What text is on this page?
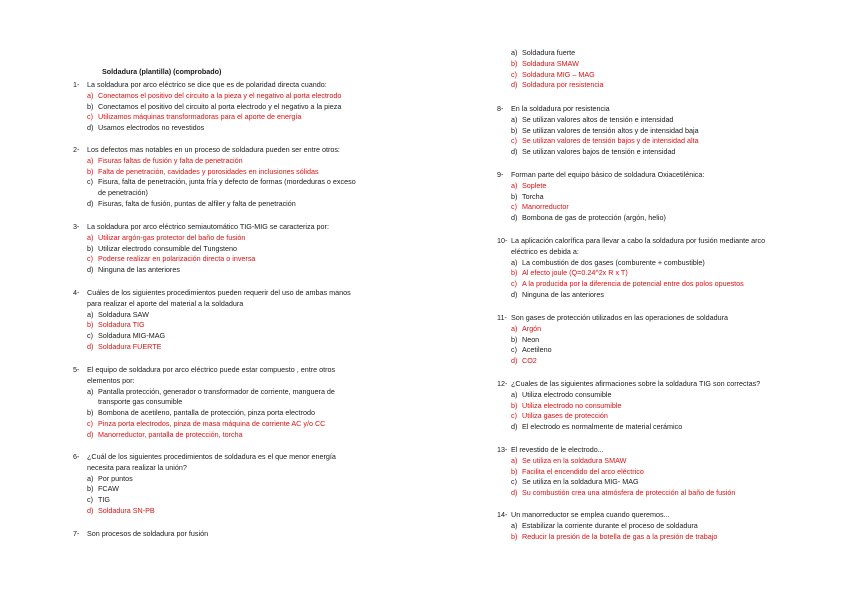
Soldadura (plantilla) (comprobado)
1- La soldadura por arco eléctrico se dice que es de polaridad directa cuando:
a) Conectamos el positivo del circuito a la pieza y el negativo al porta electrodo
b) Conectamos el positivo del circuito al porta electrodo y el negativo a la pieza
c) Utilizamos máquinas transformadoras para el aporte de energía
d) Usamos electrodos no revestidos
2- Los defectos mas notables en un proceso de soldadura pueden ser entre otros:
a) Fisuras faltas de fusión y falta de penetración
b) Falta de penetración, cavidades y porosidades en inclusiones sólidas
c) Fisura, falta de penetración, junta fría y defecto de formas (mordeduras o exceso de penetración)
d) Fisuras, falta de fusión, puntas de alfiler y falta de penetración
3- La soldadura por arco eléctrico semiautomático TIG-MIG se caracteriza por:
a) Utilizar argón-gas protector del baño de fusión
b) Utilizar electrodo consumible del Tungsteno
c) Poderse realizar en polarización directa o inversa
d) Ninguna de las anteriores
4- Cuáles de los siguientes procedimientos pueden requerir del uso de ambas manos para realizar el aporte del material a la soldadura
a) Soldadura SAW
b) Soldadura TIG
c) Soldadura MIG-MAG
d) Soldadura FUERTE
5- El equipo de soldadura por arco eléctrico puede estar compuesto , entre otros elementos por:
a) Pantalla protección, generador o transformador de corriente, manguera de transporte gas consumible
b) Bombona de acetileno, pantalla de protección, pinza porta electrodo
c) Pinza porta electrodos, pinza de masa máquina de corriente AC y/o CC
d) Manorreductor, pantalla de protección, torcha
6- ¿Cuál de los siguientes procedimientos de soldadura es el que menor energía necesita para realizar la unión?
a) Por puntos
b) FCAW
c) TIG
d) Soldadura SN-PB
7- Son procesos de soldadura por fusión
a) Soldadura fuerte
b) Soldadura SMAW
c) Soldadura MIG – MAG
d) Soldadura por resistencia
8- En la soldadura por resistencia
a) Se utilizan valores altos de tensión e intensidad
b) Se utilizan valores de tensión altos y de intensidad baja
c) Se utilizan valores de tensión bajos y de intensidad alta
d) Se utilizan valores bajos de tensión e intensidad
9- Forman parte del equipo básico de soldadura Oxiacetilénica:
a) Soplete
b) Torcha
c) Manorreductor
d) Bombona de gas de protección (argón, helio)
10- La aplicación calorífica para llevar a cabo la soldadura por fusión mediante arco eléctrico es debida a:
a) La combustión de dos gases (comburente + combustible)
b) Al efecto joule (Q=0.24^2x R x T)
c) A la producida por la diferencia de potencial entre dos polos opuestos
d) Ninguna de las anteriores
11- Son gases de protección utilizados en las operaciones de soldadura
a) Argón
b) Neon
c) Acetileno
d) CO2
12- ¿Cuales de las siguientes afirmaciones sobre la soldadura TIG son correctas?
a) Utiliza electrodo consumible
b) Utiliza electrodo no consumible
c) Utiliza gases de protección
d) El electrodo es normalmente de material cerámico
13- El revestido de le electrodo...
a) Se utiliza en la soldadura SMAW
b) Facilita el encendido del arco eléctrico
c) Se utiliza en la soldadura MIG- MAG
d) Su combustión crea una atmósfera de protección al baño de fusión
14- Un manorreductor se emplea cuando queremos...
a) Estabilizar la corriente durante el proceso de soldadura
b) Reducir la presión de la botella de gas a la presión de trabajo
